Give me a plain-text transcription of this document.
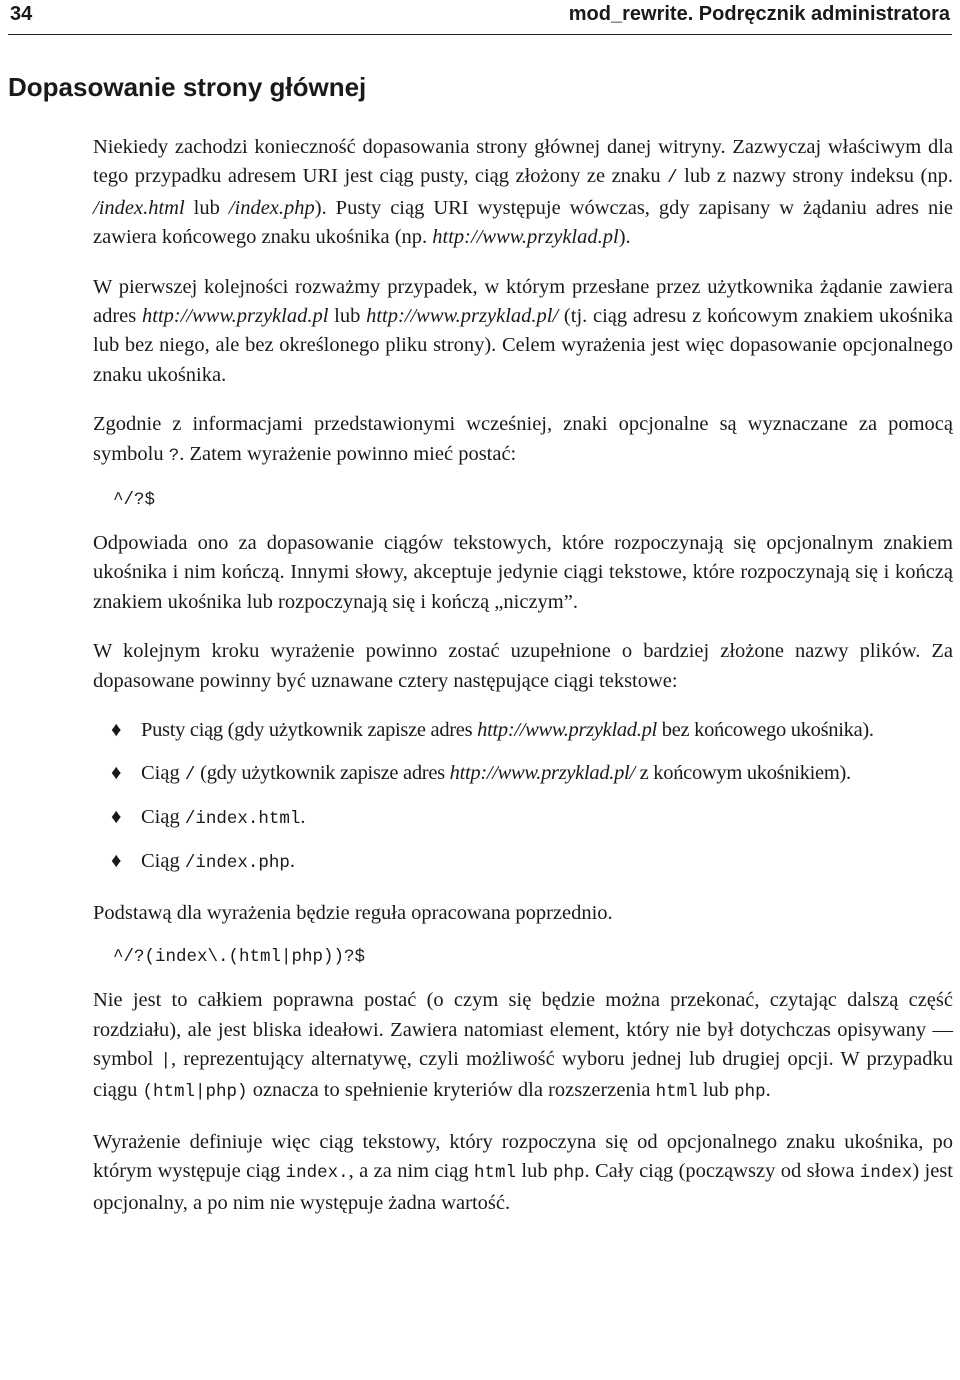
34	mod_rewrite. Podręcznik administratora
Dopasowanie strony głównej

Niekiedy zachodzi konieczność dopasowania strony głównej danej witryny. Zazwyczaj właściwym dla tego przypadku adresem URI jest ciąg pusty, ciąg złożony ze znaku / lub z nazwy strony indeksu (np. /index.html lub /index.php). Pusty ciąg URI występuje wówczas, gdy zapisany w żądaniu adres nie zawiera końcowego znaku ukośnika (np. http://www.przyklad.pl).

W pierwszej kolejności rozważmy przypadek, w którym przesłane przez użytkownika żądanie zawiera adres http://www.przyklad.pl lub http://www.przyklad.pl/ (tj. ciąg adresu z końcowym znakiem ukośnika lub bez niego, ale bez określonego pliku strony). Celem wyrażenia jest więc dopasowanie opcjonalnego znaku ukośnika.

Zgodnie z informacjami przedstawionymi wcześniej, znaki opcjonalne są wyznaczane za pomocą symbolu ?. Zatem wyrażenie powinno mieć postać:

^/?$

Odpowiada ono za dopasowanie ciągów tekstowych, które rozpoczynają się opcjonalnym znakiem ukośnika i nim kończą. Innymi słowy, akceptuje jedynie ciągi tekstowe, które rozpoczynają się i kończą znakiem ukośnika lub rozpoczynają się i kończą „niczym”.

W kolejnym kroku wyrażenie powinno zostać uzupełnione o bardziej złożone nazwy plików. Za dopasowane powinny być uznawane cztery następujące ciągi tekstowe:

♦ Pusty ciąg (gdy użytkownik zapisze adres http://www.przyklad.pl bez końcowego ukośnika).
♦ Ciąg / (gdy użytkownik zapisze adres http://www.przyklad.pl/ z końcowym ukośnikiem).
♦ Ciąg /index.html.
♦ Ciąg /index.php.

Podstawą dla wyrażenia będzie reguła opracowana poprzednio.

^/?(index\.(html|php))?$

Nie jest to całkiem poprawna postać (o czym się będzie można przekonać, czytając dalszą część rozdziału), ale jest bliska ideałowi. Zawiera natomiast element, który nie był dotychczas opisywany — symbol |, reprezentujący alternatywę, czyli możliwość wyboru jednej lub drugiej opcji. W przypadku ciągu (html|php) oznacza to spełnienie kryteriów dla rozszerzenia html lub php.

Wyrażenie definiuje więc ciąg tekstowy, który rozpoczyna się od opcjonalnego znaku ukośnika, po którym występuje ciąg index., a za nim ciąg html lub php. Cały ciąg (począwszy od słowa index) jest opcjonalny, a po nim nie występuje żadna wartość.
